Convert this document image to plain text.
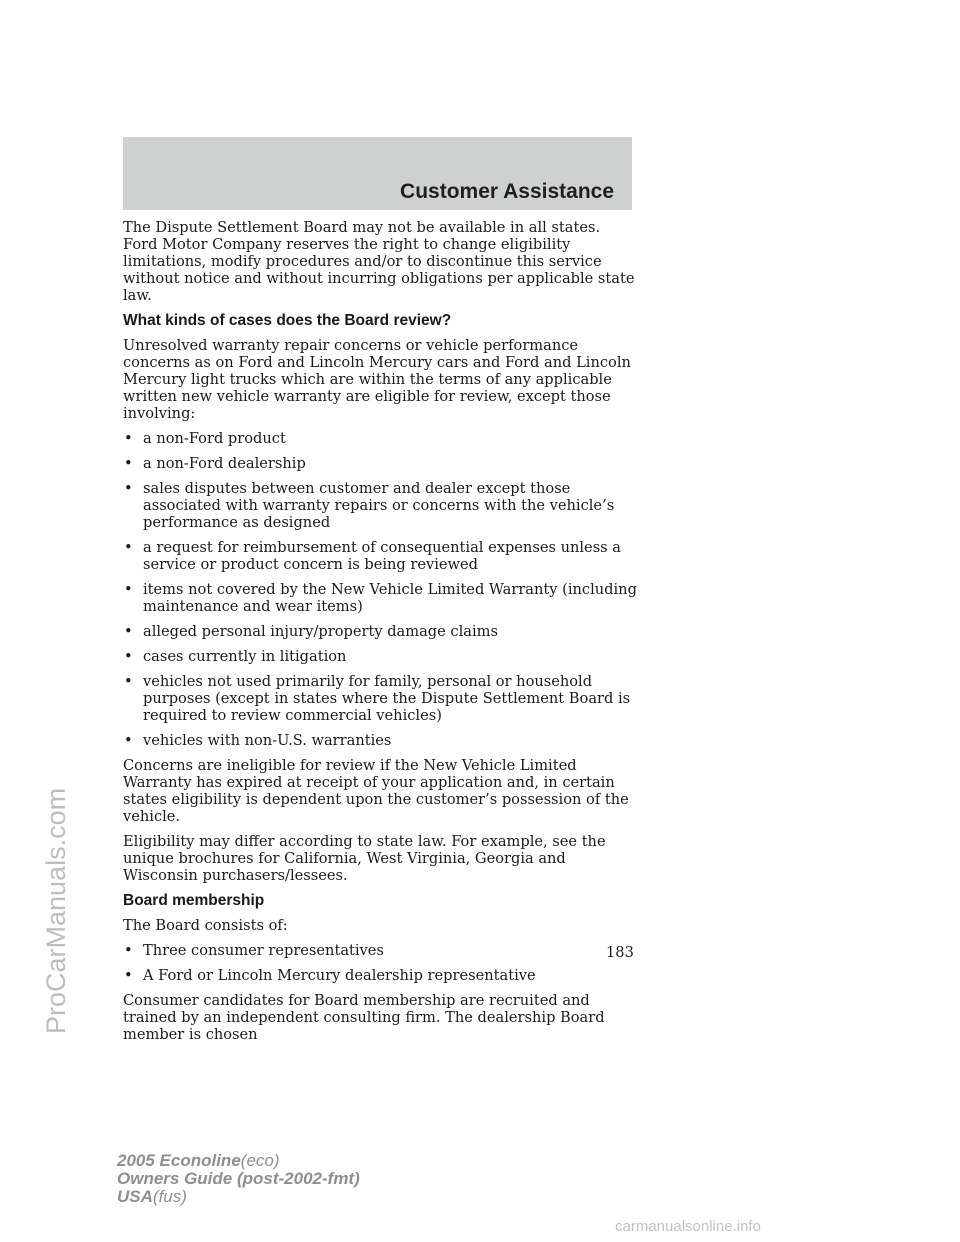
Customer Assistance

The Dispute Settlement Board may not be available in all states. Ford Motor Company reserves the right to change eligibility limitations, modify procedures and/or to discontinue this service without notice and without incurring obligations per applicable state law.

What kinds of cases does the Board review?

Unresolved warranty repair concerns or vehicle performance concerns as on Ford and Lincoln Mercury cars and Ford and Lincoln Mercury light trucks which are within the terms of any applicable written new vehicle warranty are eligible for review, except those involving:

• a non-Ford product
• a non-Ford dealership
• sales disputes between customer and dealer except those associated with warranty repairs or concerns with the vehicle’s performance as designed
• a request for reimbursement of consequential expenses unless a service or product concern is being reviewed
• items not covered by the New Vehicle Limited Warranty (including maintenance and wear items)
• alleged personal injury/property damage claims
• cases currently in litigation
• vehicles not used primarily for family, personal or household purposes (except in states where the Dispute Settlement Board is required to review commercial vehicles)
• vehicles with non-U.S. warranties

Concerns are ineligible for review if the New Vehicle Limited Warranty has expired at receipt of your application and, in certain states eligibility is dependent upon the customer’s possession of the vehicle.

Eligibility may differ according to state law. For example, see the unique brochures for California, West Virginia, Georgia and Wisconsin purchasers/lessees.

Board membership

The Board consists of:

• Three consumer representatives
• A Ford or Lincoln Mercury dealership representative

Consumer candidates for Board membership are recruited and trained by an independent consulting firm. The dealership Board member is chosen

183
2005 Econoline(eco)
Owners Guide (post-2002-fmt)
USA(fus)
ProCarManuals.com
carmanualsonline.info
